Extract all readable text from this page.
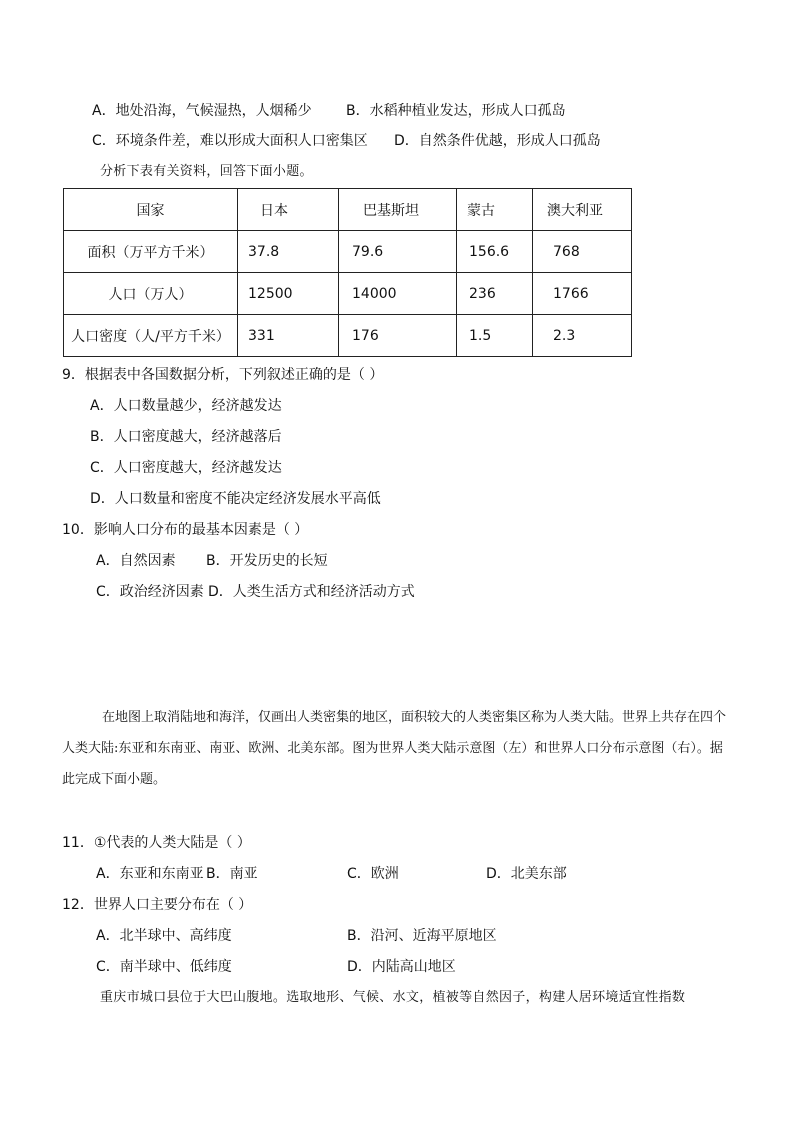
A．地处沿海，气候湿热，人烟稀少 B．水稻种植业发达，形成人口孤岛
C．环境条件差，难以形成大面积人口密集区 D．自然条件优越，形成人口孤岛
分析下表有关资料，回答下面小题。
国家	日本	巴基斯坦	蒙古	澳大利亚
面积（万平方千米）	37.8	79.6	156.6	768
人口（万人）	12500	14000	236	1766
人口密度（人/平方千米）	331	176	1.5	2.3
9．根据表中各国数据分析，下列叙述正确的是（ ）
A．人口数量越少，经济越发达
B．人口密度越大，经济越落后
C．人口密度越大，经济越发达
D．人口数量和密度不能决定经济发展水平高低
10．影响人口分布的最基本因素是（ ）
A．自然因素 B．开发历史的长短
C．政治经济因素 D．人类生活方式和经济活动方式
在地图上取消陆地和海洋，仅画出人类密集的地区，面积较大的人类密集区称为人类大陆。世界上共存在四个人类大陆:东亚和东南亚、南亚、欧洲、北美东部。图为世界人类大陆示意图（左）和世界人口分布示意图（右）。据此完成下面小题。
11．①代表的人类大陆是（ ）
A．东亚和东南亚 B．南亚	C．欧洲	D．北美东部
12．世界人口主要分布在（ ）
A．北半球中、高纬度	B．沿河、近海平原地区
C．南半球中、低纬度	D．内陆高山地区
重庆市城口县位于大巴山腹地。选取地形、气候、水文，植被等自然因子，构建人居环境适宜性指数
